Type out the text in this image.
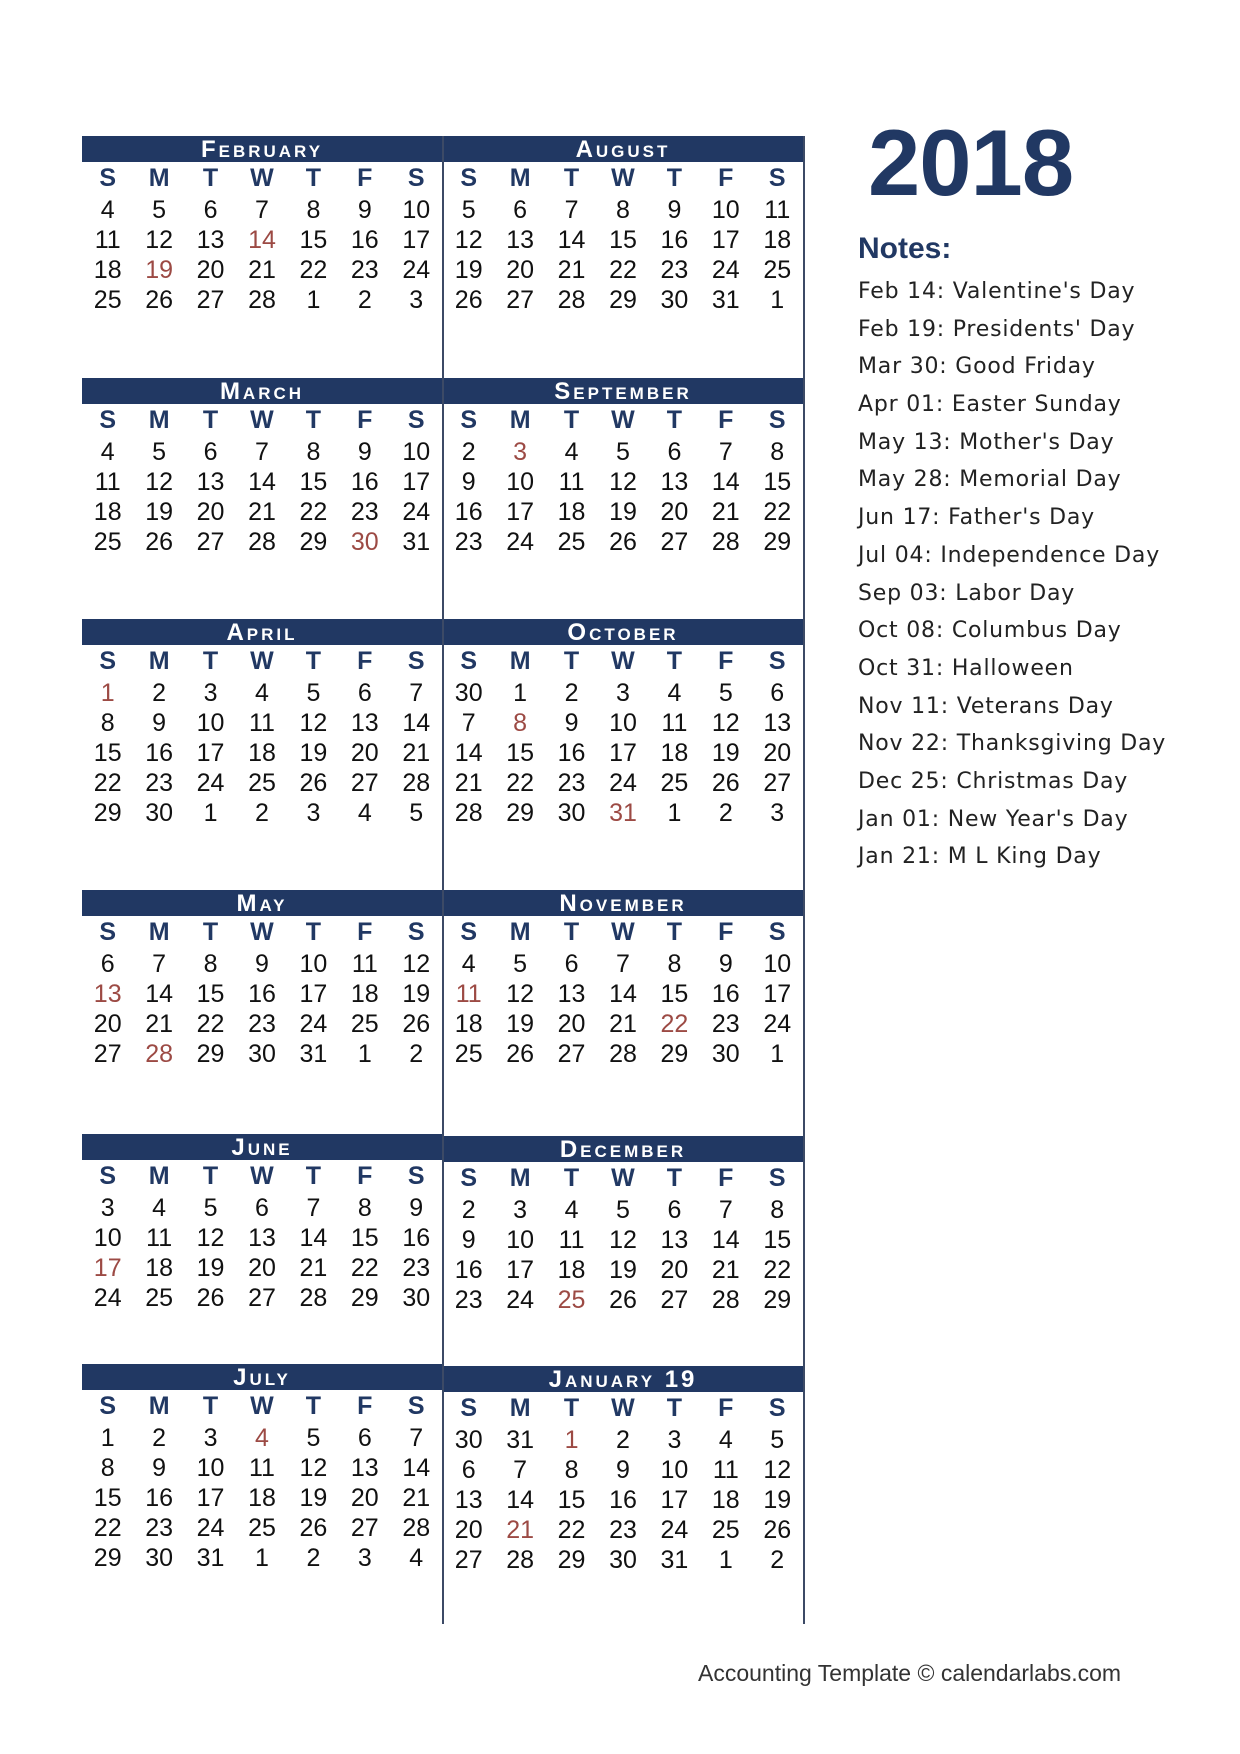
February
S	M	T	W	T	F	S
4	5	6	7	8	9	10
11 12 13 14 15 16 17
18 19 20 21 22 23 24
25 26 27 28	1	2	3
August
S	M	T	W	T	F	S
5	6	7	8	9	10 11
12 13 14 15 16 17 18
19 20 21 22 23 24 25
26 27 28 29 30 31	1
March
S	M	T	W	T	F	S
4	5	6	7	8	9	10
11 12 13 14 15 16 17
18 19 20 21 22 23 24
25 26 27 28 29 30 31
September
S	M	T	W	T	F	S
2	3	4	5	6	7	8
9	10 11 12 13 14 15
16 17 18 19 20 21 22
23 24 25 26 27 28 29
April
S	M	T	W	T	F	S
1	2	3	4	5	6	7
8	9	10 11 12 13 14
15 16 17 18 19 20 21
22 23 24 25 26 27 28
29 30	1	2	3	4	5
October
S	M	T	W	T	F	S
30	1	2	3	4	5	6
7	8	9	10 11 12 13
14 15 16 17 18 19 20
21 22 23 24 25 26 27
28 29 30 31	1	2	3
May
S	M	T	W	T	F	S
6	7	8	9	10 11 12
13 14 15 16 17 18 19
20 21 22 23 24 25 26
27 28 29 30 31	1	2
November
S	M	T	W	T	F	S
4	5	6	7	8	9	10
11 12 13 14 15 16 17
18 19 20 21 22 23 24
25 26 27 28 29 30	1
June
S	M	T	W	T	F	S
3	4	5	6	7	8	9
10 11 12 13 14 15 16
17 18 19 20 21 22 23
24 25 26 27 28 29 30
December
S	M	T	W	T	F	S
2	3	4	5	6	7	8
9	10 11 12 13 14 15
16 17 18 19 20 21 22
23 24 25 26 27 28 29
July
S	M	T	W	T	F	S
1	2	3	4	5	6	7
8	9	10 11 12 13 14
15 16 17 18 19 20 21
22 23 24 25 26 27 28
29 30 31	1	2	3	4
January 19
S	M	T	W	T	F	S
30 31	1	2	3	4	5
6	7	8	9	10 11 12
13 14 15 16 17 18 19
20 21 22 23 24 25 26
27 28 29 30 31	1	2
2018
Notes:
Feb 14: Valentine's Day
Feb 19: Presidents' Day
Mar 30: Good Friday
Apr 01: Easter Sunday
May 13: Mother's Day
May 28: Memorial Day
Jun 17: Father's Day
Jul 04: Independence Day
Sep 03: Labor Day
Oct 08: Columbus Day
Oct 31: Halloween
Nov 11: Veterans Day
Nov 22: Thanksgiving Day
Dec 25: Christmas Day
Jan 01: New Year's Day
Jan 21: M L King Day
Accounting Template © calendarlabs.com
